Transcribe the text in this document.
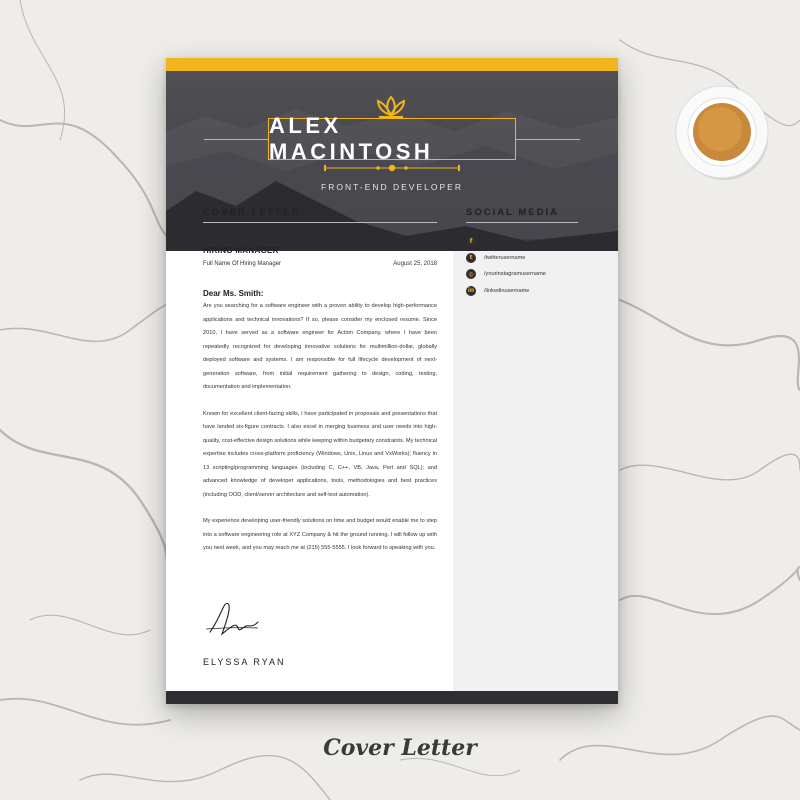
ALEX MACINTOSH
FRONT-END DEVELOPER
COVER LETTER
To
HIRING MANAGER
Full Name Of Hiring Manager	August 25, 2018
Dear Ms. Smith:
Are you searching for a software engineer with a proven ability to develop high-performance applications and technical innovations? If so, please consider my enclosed resume. Since 2010, I have served as a software engineer for Action Company, where I have been repeatedly recognized for developing innovative solutions for multimillion-dollar, globally deployed software and systems. I am responsible for full lifecycle development of next-generation software, from initial requirement gathering to design, coding, testing, documentation and implementation.
Known for excellent client-facing skills, I have participated in proposals and presentations that have landed six-figure contracts. I also excel in merging business and user needs into high-quality, cost-effective design solutions while keeping within budgetary constraints. My technical expertise includes cross-platform proficiency (Windows, Unix, Linux and VxWorks); fluency in 13 scripting/programming languages (including C, C++, VB, Java, Perl and SQL); and advanced knowledge of developer applications, tools, methodologies and best practices (including OOD, client/server architecture and self-test automation).
My experience developing user-friendly solutions on time and budget would enable me to step into a software engineering role at XYZ Company & hit the ground running. I will follow up with you next week, and you may reach me at (215) 555-5555. I look forward to speaking with you.
ELYSSA RYAN
SOCIAL MEDIA
f	/yourfacebookusername
t	/twitterusername
◎	/yourinstagramusername
in	/linkedinusername
Cover Letter
